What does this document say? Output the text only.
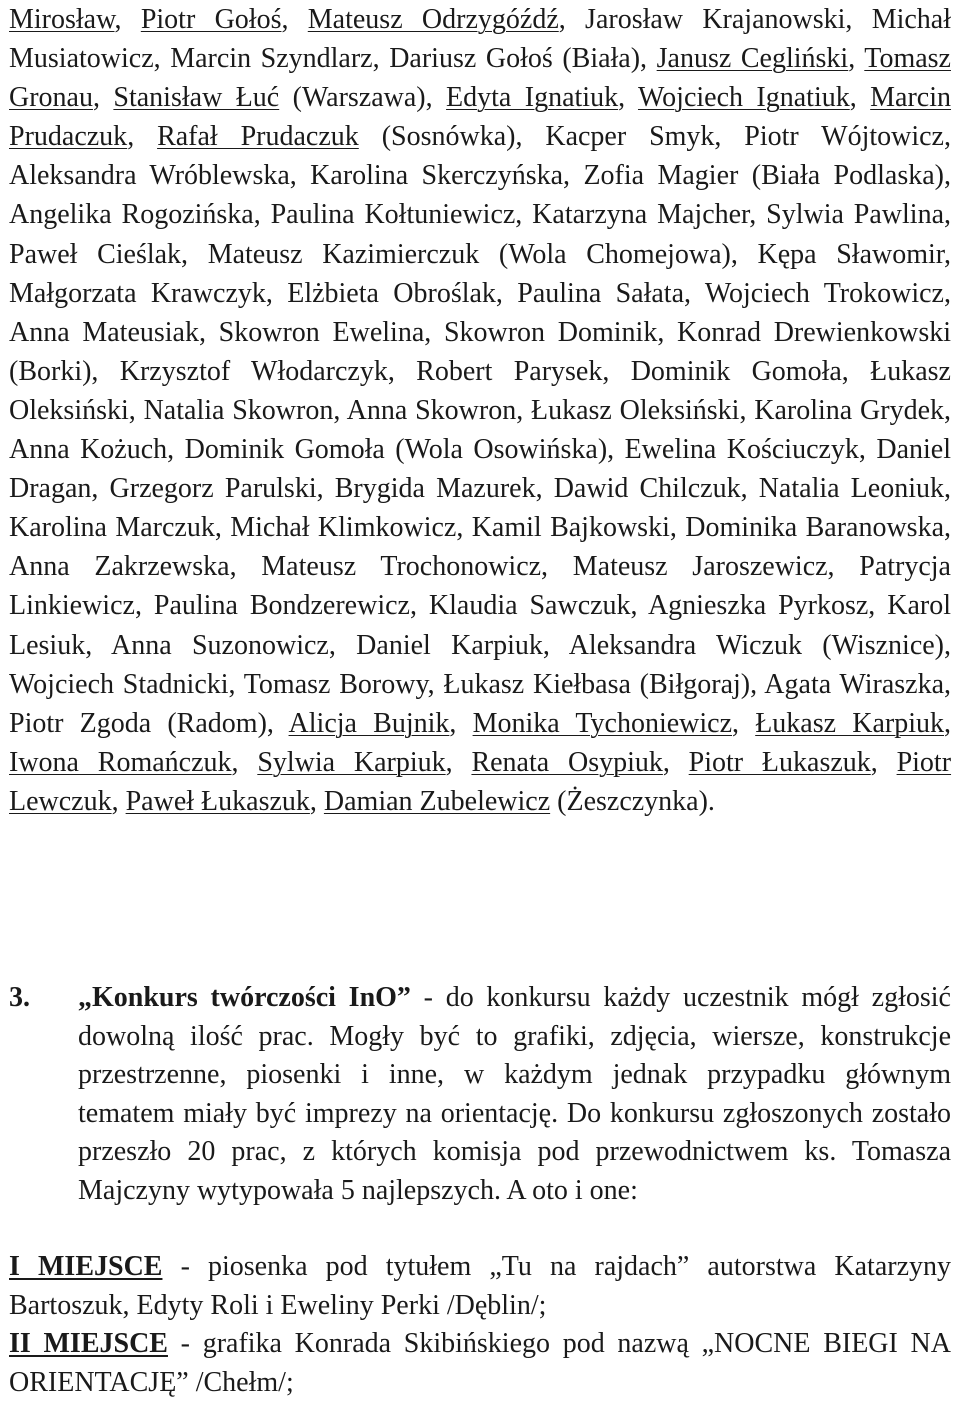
Mirosław, Piotr Gołoś, Mateusz Odrzygóźdź, Jarosław Krajanowski, Michał Musiatowicz, Marcin Szyndlarz, Dariusz Gołoś (Biała), Janusz Cegliński, Tomasz Gronau, Stanisław Łuć (Warszawa), Edyta Ignatiuk, Wojciech Ignatiuk, Marcin Prudaczuk, Rafał Prudaczuk (Sosnówka), Kacper Smyk, Piotr Wójtowicz, Aleksandra Wróblewska, Karolina Skerczyńska, Zofia Magier (Biała Podlaska), Angelika Rogozińska, Paulina Kołtuniewicz, Katarzyna Majcher, Sylwia Pawlina, Paweł Cieślak, Mateusz Kazimierczuk (Wola Chomejowa), Kępa Sławomir, Małgorzata Krawczyk, Elżbieta Obroślak, Paulina Sałata, Wojciech Trokowicz, Anna Mateusiak, Skowron Ewelina, Skowron Dominik, Konrad Drewienkowski (Borki), Krzysztof Włodarczyk, Robert Parysek, Dominik Gomoła, Łukasz Oleksiński, Natalia Skowron, Anna Skowron, Łukasz Oleksiński, Karolina Grydek, Anna Kożuch, Dominik Gomoła (Wola Osowińska), Ewelina Kościuczyk, Daniel Dragan, Grzegorz Parulski, Brygida Mazurek, Dawid Chilczuk, Natalia Leoniuk, Karolina Marczuk, Michał Klimkowicz, Kamil Bajkowski, Dominika Baranowska, Anna Zakrzewska, Mateusz Trochonowicz, Mateusz Jaroszewicz, Patrycja Linkiewicz, Paulina Bondzerewicz, Klaudia Sawczuk, Agnieszka Pyrkosz, Karol Lesiuk, Anna Suzonowicz, Daniel Karpiuk, Aleksandra Wiczuk (Wisznice), Wojciech Stadnicki, Tomasz Borowy, Łukasz Kiełbasa (Biłgoraj), Agata Wiraszka, Piotr Zgoda (Radom), Alicja Bujnik, Monika Tychoniewicz, Łukasz Karpiuk, Iwona Romańczuk, Sylwia Karpiuk, Renata Osypiuk, Piotr Łukaszuk, Piotr Lewczuk, Paweł Łukaszuk, Damian Zubelewicz (Żeszczynka).

3. „Konkurs twórczości InO” - do konkursu każdy uczestnik mógł zgłosić dowolną ilość prac. Mogły być to grafiki, zdjęcia, wiersze, konstrukcje przestrzenne, piosenki i inne, w każdym jednak przypadku głównym tematem miały być imprezy na orientację. Do konkursu zgłoszonych zostało przeszło 20 prac, z których komisja pod przewodnictwem ks. Tomasza Majczyny wytypowała 5 najlepszych. A oto i one:

I MIEJSCE - piosenka pod tytułem „Tu na rajdach” autorstwa Katarzyny Bartoszuk, Edyty Roli i Eweliny Perki /Dęblin/;

II MIEJSCE - grafika Konrada Skibińskiego pod nazwą „NOCNE BIEGI NA ORIENTACJĘ” /Chełm/;
